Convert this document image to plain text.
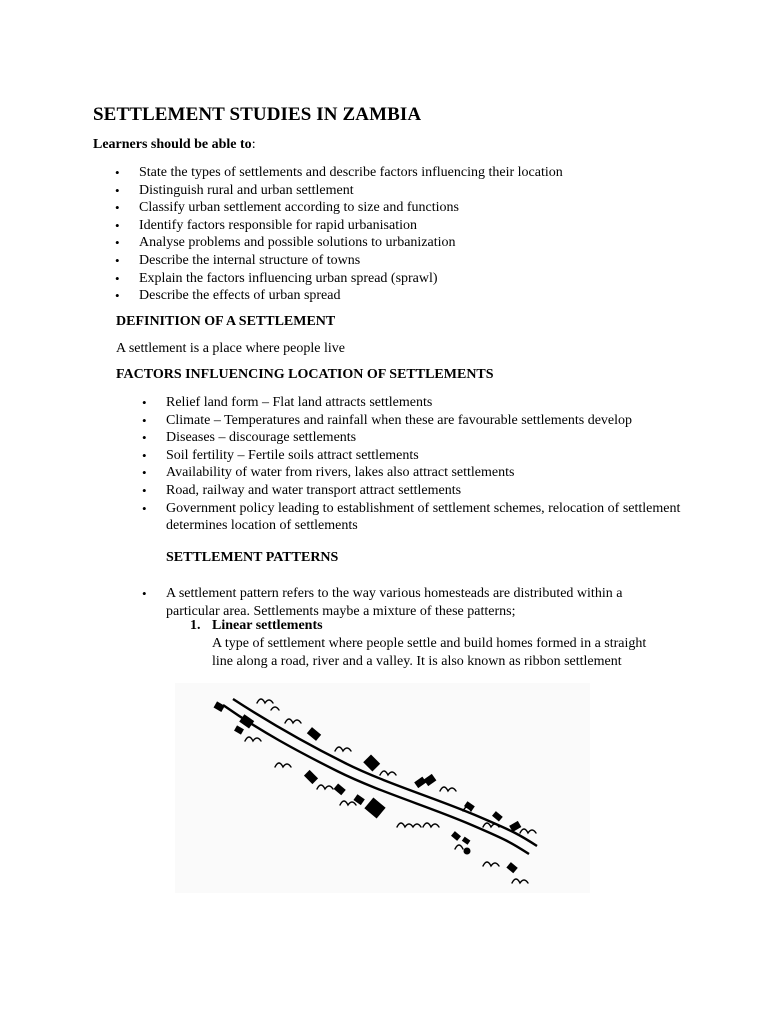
SETTLEMENT STUDIES IN ZAMBIA

Learners should be able to:

• State the types of settlements and describe factors influencing their location
• Distinguish rural and urban settlement
• Classify urban settlement according to size and functions
• Identify factors responsible for rapid urbanisation
• Analyse problems and possible solutions to urbanization
• Describe the internal structure of towns
• Explain the factors influencing urban spread (sprawl)
• Describe the effects of urban spread

DEFINITION OF A SETTLEMENT

A settlement is a place where people live

FACTORS INFLUENCING LOCATION OF SETTLEMENTS

• Relief land form – Flat land attracts settlements
• Climate – Temperatures and rainfall when these are favourable settlements develop
• Diseases – discourage settlements
• Soil fertility – Fertile soils attract settlements
• Availability of water from rivers, lakes also attract settlements
• Road, railway and water transport attract settlements
• Government policy leading to establishment of settlement schemes, relocation of settlement determines location of settlements

SETTLEMENT PATTERNS

• A settlement pattern refers to the way various homesteads are distributed within a particular area. Settlements maybe a mixture of these patterns;
1. Linear settlements
A type of settlement where people settle and build homes formed in a straight line along a road, river and a valley. It is also known as ribbon settlement
